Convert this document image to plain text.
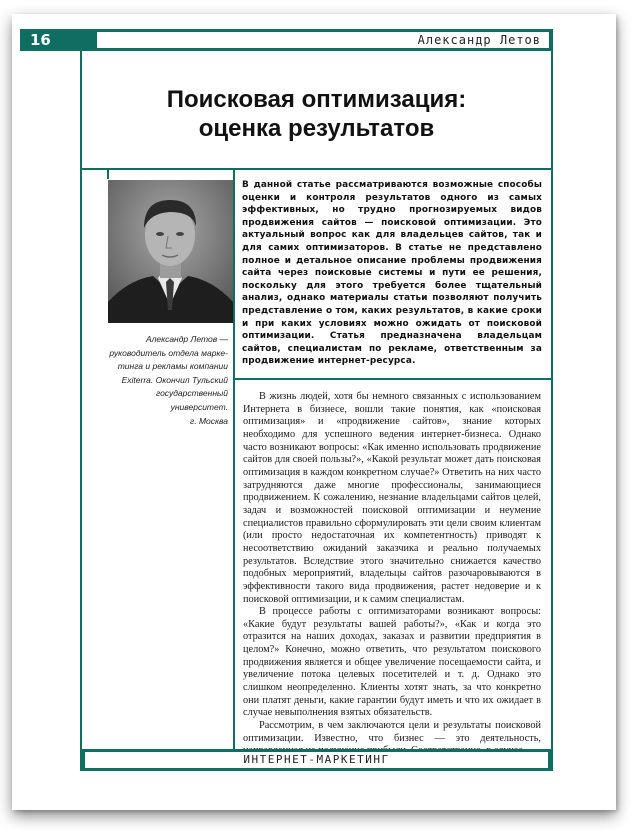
16	Александр Летов
Поисковая оптимизация:
оценка результатов
Александр Летов —
руководитель отдела марке-
тинга и рекламы компании
Exiterra. Окончил Тульский
государственный университет.
г. Москва
В данной статье рассматриваются возможные способы оценки и контроля результатов одного из самых эффективных, но трудно прогнозируемых видов продвижения сайтов — поисковой оптимизации. Это актуальный вопрос как для владельцев сайтов, так и для самих оптимизаторов. В статье не представлено полное и детальное описание проблемы продвижения сайта через поисковые системы и пути ее решения, поскольку для этого требуется более тщательный анализ, однако материалы статьи позволяют получить представление о том, каких результатов, в какие сроки и при каких условиях можно ожидать от поисковой оптимизации. Статья предназначена владельцам сайтов, специалистам по рекламе, ответственным за продвижение интернет-ресурса.

В жизнь людей, хотя бы немного связанных с использованием Интернета в бизнесе, вошли такие понятия, как «поисковая оптимизация» и «продвижение сайтов», знание которых необходимо для успешного ведения интернет-бизнеса. Однако часто возникают вопросы: «Как именно использовать продвижение сайтов для своей пользы?», «Какой результат может дать поисковая оптимизация в каждом конкретном случае?» Ответить на них часто затрудняются даже многие профессионалы, занимающиеся продвижением. К сожалению, незнание владельцами сайтов целей, задач и возможностей поисковой оптимизации и неумение специалистов правильно сформулировать эти цели своим клиентам (или просто недостаточная их компетентность) приводят к несоответствию ожиданий заказчика и реально получаемых результатов. Вследствие этого значительно снижается качество подобных мероприятий, владельцы сайтов разочаровываются в эффективности такого вида продвижения, растет недоверие и к поисковой оптимизации, и к самим специалистам.

В процессе работы с оптимизаторами возникают вопросы: «Какие будут результаты вашей работы?», «Как и когда это отразится на наших доходах, заказах и развитии предприятия в целом?» Конечно, можно ответить, что результатом поискового продвижения является и общее увеличение посещаемости сайта, и увеличение потока целевых посетителей и т. д. Однако это слишком неопределенно. Клиенты хотят знать, за что конкретно они платят деньги, какие гарантии будут иметь и что их ожидает в случае невыполнения взятых обязательств.

Рассмотрим, в чем заключаются цели и результаты поисковой оптимизации. Известно, что бизнес — это деятельность,

ИНТЕРНЕТ-МАРКЕТИНГ
